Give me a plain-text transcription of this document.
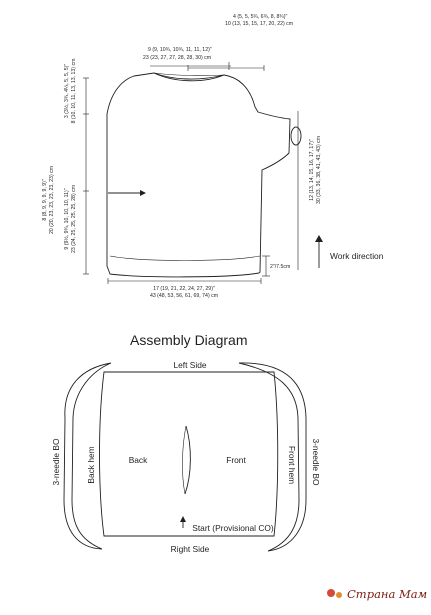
4 (5, 5, 5¾, 6¾, 8, 8¾)"
10 (13, 15, 15, 17, 20, 22) cm
9 (9, 10¾, 10¾, 11, 11, 12)"
23 (23, 27, 27, 28, 28, 30) cm
8 (8, 9, 9, 9, 9, 9)" 20 (20, 23, 23, 23, 23, 23) cm
3 (3½, 3¾, 4¼, 5, 5, 5)" 8 (10, 10, 11, 13, 13, 13) cm
9 (9½, 9¾, 10, 10, 10, 11)" 23 (24, 25, 25, 25, 25, 28) cm
12 (13, 14, 15, 16, 17, 17)" 30 (33, 36, 38, 41, 43, 43) cm
2"/7.5cm
17 (19, 21, 22, 24, 27, 29)"
43 (48, 53, 56, 61, 69, 74) cm
Work direction
Assembly Diagram
Left Side
Right Side
Back	Front
Start (Provisional CO)
Back hem	Front hem
3-needle BO	3-needle BO
Страна Мам
